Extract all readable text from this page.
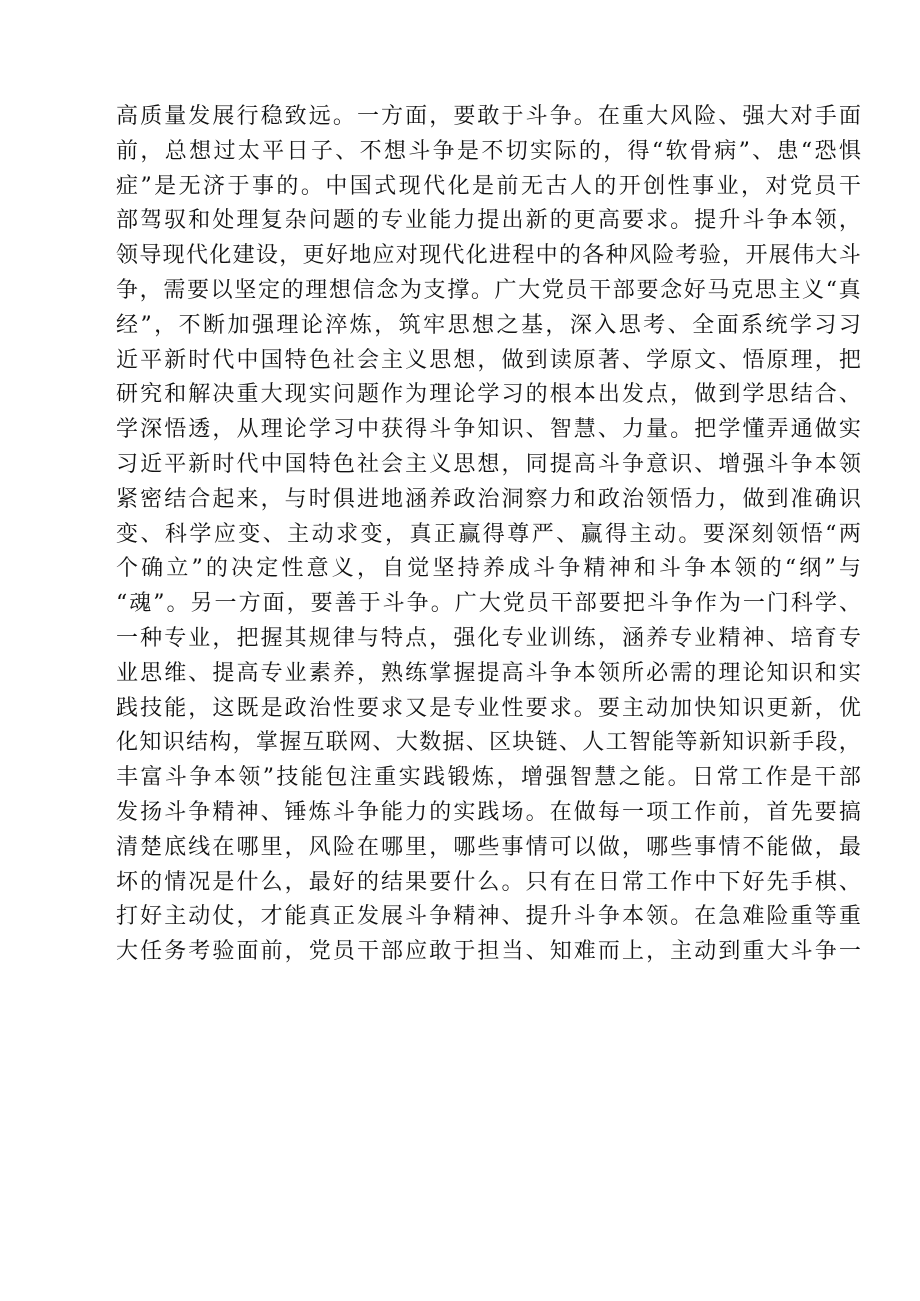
高 质 量 发 展 行 稳 致 远 。 一 方 面 ， 要 敢 于 斗 争 。 在 重 大 风 险 、 强 大 对 手 面
前 ， 总 想 过 太 平 日 子 、 不 想 斗 争 是 不 切 实 际 的 ， 得 “ 软 骨 病 ” 、 患 “ 恐 惧
症 ” 是 无 济 于 事 的 。 中 国 式 现 代 化 是 前 无 古 人 的 开 创 性 事 业 ， 对 党 员 干
部 驾 驭 和 处 理 复 杂 问 题 的 专 业 能 力 提 出 新 的 更 高 要 求 。 提 升 斗 争 本 领 ，
领 导 现 代 化 建 设 ， 更 好 地 应 对 现 代 化 进 程 中 的 各 种 风 险 考 验 ， 开 展 伟 大 斗
争 ， 需 要 以 坚 定 的 理 想 信 念 为 支 撑 。 广 大 党 员 干 部 要 念 好 马 克 思 主 义 “ 真
经 ” ， 不 断 加 强 理 论 淬 炼 ， 筑 牢 思 想 之 基 ， 深 入 思 考 、 全 面 系 统 学 习 习
近 平 新 时 代 中 国 特 色 社 会 主 义 思 想 ， 做 到 读 原 著 、 学 原 文 、 悟 原 理 ， 把
研 究 和 解 决 重 大 现 实 问 题 作 为 理 论 学 习 的 根 本 出 发 点 ， 做 到 学 思 结 合 、
学 深 悟 透 ， 从 理 论 学 习 中 获 得 斗 争 知 识 、 智 慧 、 力 量 。 把 学 懂 弄 通 做 实
习 近 平 新 时 代 中 国 特 色 社 会 主 义 思 想 ， 同 提 高 斗 争 意 识 、 增 强 斗 争 本 领
紧 密 结 合 起 来 ， 与 时 俱 进 地 涵 养 政 治 洞 察 力 和 政 治 领 悟 力 ， 做 到 准 确 识
变 、 科 学 应 变 、 主 动 求 变 ， 真 正 赢 得 尊 严 、 赢 得 主 动 。 要 深 刻 领 悟 “ 两
个 确 立 ” 的 决 定 性 意 义 ， 自 觉 坚 持 养 成 斗 争 精 神 和 斗 争 本 领 的 “ 纲 ” 与
“ 魂 ” 。 另 一 方 面 ， 要 善 于 斗 争 。 广 大 党 员 干 部 要 把 斗 争 作 为 一 门 科 学 、
一 种 专 业 ， 把 握 其 规 律 与 特 点 ， 强 化 专 业 训 练 ， 涵 养 专 业 精 神 、 培 育 专
业 思 维 、 提 高 专 业 素 养 ， 熟 练 掌 握 提 高 斗 争 本 领 所 必 需 的 理 论 知 识 和 实
践 技 能 ， 这 既 是 政 治 性 要 求 又 是 专 业 性 要 求 。 要 主 动 加 快 知 识 更 新 ， 优
化 知 识 结 构 ， 掌 握 互 联 网 、 大 数 据 、 区 块 链 、 人 工 智 能 等 新 知 识 新 手 段 ，
丰 富 斗 争 本 领 ” 技 能 包 注 重 实 践 锻 炼 ， 增 强 智 慧 之 能 。 日 常 工 作 是 干 部
发 扬 斗 争 精 神 、 锤 炼 斗 争 能 力 的 实 践 场 。 在 做 每 一 项 工 作 前 ， 首 先 要 搞
清 楚 底 线 在 哪 里 ， 风 险 在 哪 里 ， 哪 些 事 情 可 以 做 ， 哪 些 事 情 不 能 做 ， 最
坏 的 情 况 是 什 么 ， 最 好 的 结 果 要 什 么 。 只 有 在 日 常 工 作 中 下 好 先 手 棋 、
打 好 主 动 仗 ， 才 能 真 正 发 展 斗 争 精 神 、 提 升 斗 争 本 领 。 在 急 难 险 重 等 重
大 任 务 考 验 面 前 ， 党 员 干 部 应 敢 于 担 当 、 知 难 而 上 ， 主 动 到 重 大 斗 争 一
